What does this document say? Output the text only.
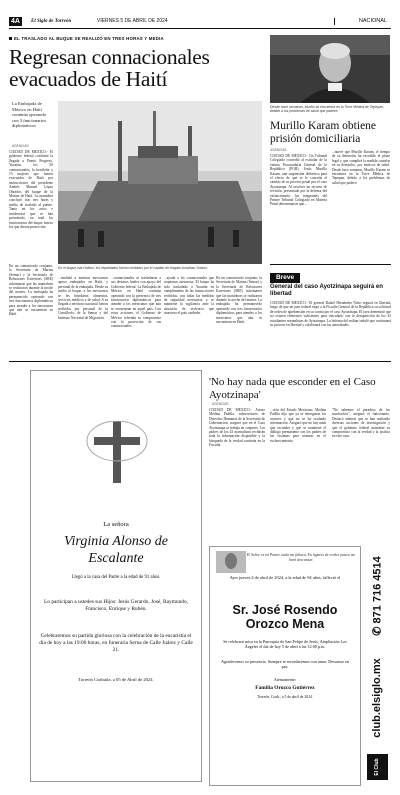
4A	El Siglo de Torreón	VIERNES 5 DE ABRIL DE 2024	NACIONAL
EL TRASLADO AL BUQUE SE REALIZÓ EN TRES HORAS Y MEDIA
Regresan connacionales evacuados de Haití
La Embajada de México en Haití continúa operando con 3 funcionarios diplomáticos
AGENCIAS
CIUDAD DE MÉXICO.- El gobierno federal confirmó la llegada a Puerto Progreso, Yucatán, los 50 connacionales, la brasileña y 15 mujeres que fueron evacuados de Haití por instrucciones del presidente Andrés Manuel López Obrador, del buque de la Marina de Haití. La maniobra concluyó tras tres horas y media de traslado al puerto. Tanto en los actos e incidencias que se han presentado, en total los funcionarios del buque fueron los que dieron protección.
En un comunicado conjunto, la Secretaría de Marina (Semar) y la Secretaría de Relaciones Exteriores (SRE) informaron que las maniobras se realizaron durante la noche del martes. La embajada ha permanecido operando con tres funcionarios diplomáticos para atender a los mexicanos que aún se encuentran en Haití.
En el buque Isla Holbox, los repatriados fueron recibidos por el capitán de fragata Jonathan Solano.
...trasladó a marinos mexicanos apoyo embajador en Haití, y personal de la embajada. Desde su arribo al buque, a los mexicanos se les brindaron alimentos, servicios médicos y de salud. A su llegada a territorio nacional fueron recibidos por personal de la Cancillería, de la Semar y del Instituto Nacional de Migración.
...connacionales se trasladaron a sus destinos finales con apoyo del Gobierno federal. La Embajada de México en Haití continúa operando con la presencia de tres funcionarios diplomáticos para atender a los mexicanos que aún se encuentran en aquel país. Con estas acciones, el Gobierno de México refrenda su compromiso con la protección de sus connacionales.
...ayuda a los connacionales que requieran asistencia. El buque ha sido trasladado a Yucatán en cumplimiento de las instrucciones recibidas, con todas las medidas de seguridad necesarias, y se mantiene la vigilancia ante la situación de violencia que atraviesa el país caribeño.
En un comunicado conjunto, la Secretaría de Marina (Semar) y la Secretaría de Relaciones Exteriores (SRE) informaron que las maniobras se realizaron durante la noche del martes. La embajada ha permanecido operando con tres funcionarios diplomáticos para atender a los mexicanos que aún se encuentran en Haití.
Desde hace semanas, Murillo se encuentra en la Torre Médica de Tepepan, debido a los problemas de salud que padece.
Murillo Karam obtiene prisión domiciliaria
AGENCIAS
CIUDAD DE MÉXICO.- Un Tribunal Colegiado concedió al extitular de la extinta Procuraduría General de la República (PGR), Jesús Murillo Karam, una suspensión definitiva para el efecto de que se le conceda el cambio de su proceso penal por el caso Ayotzinapa. Al resolver un recurso de revisión, presentado por la defensa del exfuncionario, los integrantes del Primer Tribunal Colegiado en Materia Penal determinaron que...
...nueve que Murillo Karam, el tiempo de su detención ha excedido el plazo legal y que cumplirá la medida cautelar en su domicilio, por motivos de salud. Desde hace semanas, Murillo Karam se encuentra en la Torre Médica de Tepepan, debido a los problemas de salud que padece.
Breve
General del caso Ayotzinapa seguirá en libertad
CIUDAD DE MÉXICO.- El general Rafael Hernández Nieto seguirá en libertad, luego de que un juez federal negó a la Fiscalía General de la República su solicitud de orden de aprehensión en su contra por el caso Ayotzinapa. El juez determinó que no existen elementos suficientes para vincularlo con la desaparición de los 43 estudiantes normalistas de Ayotzinapa. La defensa del militar señaló que continuará su proceso en libertad y colaborará con las autoridades.
La señora
Virginia Alonso de Escalante
Llegó a la casa del Padre a la edad de 91 años.
Lo participan a ustedes sus Hijos: Jesús Gerardo, José, Raymundo, Francisco, Enrique y Rubén.
Celebraremos su partida gloriosa con la celebración de la eucaristía el día de hoy a las 19:00 horas, en funeraria Serna de Calle Juárez y Calle 21.
Torreón Coahuila, a 05 de Abril de 2024.
'No hay nada que esconder en el Caso Ayotzinapa'
AGENCIAS
CIUDAD DE MÉXICO.- Arturo Medina Padilla, subsecretario de Derechos Humanos de la Secretaría de Gobernación, aseguró que en el Caso Ayotzinapa se trabaja en conjunto. Los padres de los 43 normalistas recibirán toda la información disponible y la búsqueda de la verdad continúa en la Fiscalía.
...ción del Estado Mexicano. Medina Padilla dijo que ya se entregaron los avances y que no se ha ocultado información. Aseguró que no hay nada que esconder y que se mantiene el diálogo permanente con los padres de las víctimas para avanzar en el esclarecimiento.
"No sabemos el paradero de los muchachos", aseguró el funcionario. Destacó además que se han realizado diversas acciones de investigación y que el gobierno federal mantiene su compromiso con la verdad y la justicia en este caso.
El Señor es mi Pastor, nada me faltará. En lugares de verdes pastos me hará descansar.
Ayer jueves 4 de abril de 2024, a la edad de 94 años, falleció el
Sr. José Rosendo Orozco Mena
Se celebrará misa en la Parroquia de San Felipe de Jesús, Ampliación Los Ángeles el día de hoy 5 de abril a las 12:00 p.m.
Agradecemos su presencia. Siempre te recordaremos con amor. Descanse en paz.
Atentamente:
Familia Orozco Gutiérrez
Torreón, Coah., a 5 de abril de 2024.
✆ 871 716 4514
club.elsiglo.mx
El Club
